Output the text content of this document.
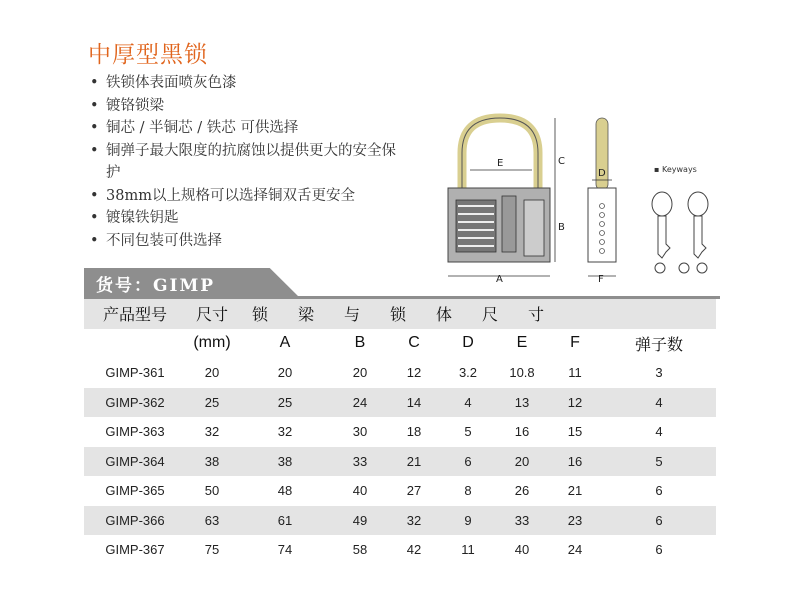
中厚型黑锁
• 铁锁体表面喷灰色漆
• 镀铬锁梁
• 铜芯 / 半铜芯 / 铁芯 可供选择
• 铜弹子最大限度的抗腐蚀以提供更大的安全保护
• 38mm以上规格可以选择铜双舌更安全
• 镀镍铁钥匙
• 不同包装可供选择
A
E
B
C
D
F
▪ Keyways
货号：GIMP
产品型号	尺寸	锁梁与锁体尺寸						
	(mm)	A	B	C	D	E	F	弹子数
GIMP-361	20	20	20	12	3.2	10.8	11	3
GIMP-362	25	25	24	14	4	13	12	4
GIMP-363	32	32	30	18	5	16	15	4
GIMP-364	38	38	33	21	6	20	16	5
GIMP-365	50	48	40	27	8	26	21	6
GIMP-366	63	61	49	32	9	33	23	6
GIMP-367	75	74	58	42	11	40	24	6
